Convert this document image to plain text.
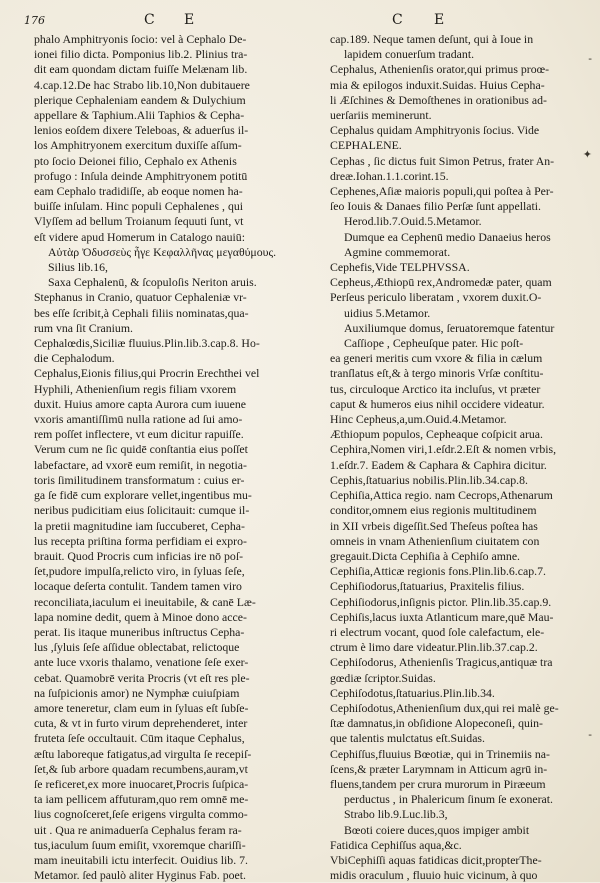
176	C E	C E
phalo Amphitryonis ſocio: vel à Cephalo De-
ionei filio dicta. Pomponius lib.2. Plinius tra-
dit eam quondam dictam fuiſſe Melænam lib.
4.cap.12.De hac Strabo lib.10,Non dubitauere
plerique Cephaleniam eandem & Dulychium
appellare & Taphium.Alii Taphios & Cepha-
lenios eoſdem dixere Teleboas, & aduerſus il-
los Amphitryonem exercitum duxiſſe aſſum-
pto ſocio Deionei filio, Cephalo ex Athenis
profugo : Inſula deinde Amphitryonem potitū
eam Cephalo tradidiſſe, ab eoque nomen ha-
buiſſe inſulam. Hinc populi Cephalenes , qui
Vlyſſem ad bellum Troianum ſequuti ſunt, vt
eſt videre apud Homerum in Catalogo nauiū:
Αὐτὰρ Ὀδυσσεὺς ἦγε Κεφαλλῆνας μεγαθύμους.
Silius lib.16,
Saxa Cephalenū, & ſcopuloſis Neriton aruis.
Stephanus in Cranio, quatuor Cephaleniæ vr-
bes eſſe ſcribit,à Cephali filiis nominatas,qua-
rum vna ſit Cranium.
Cephalœdis,Siciliæ fluuius.Plin.lib.3.cap.8. Ho-
die Cephalodum.
Cephalus,Eionis filius,qui Procrin Erechthei vel
Hyphili, Athenienſium regis filiam vxorem
duxit. Huius amore capta Aurora cum iuuene
vxoris amantiſſimū nulla ratione ad ſui amo-
rem poſſet inflectere, vt eum dicitur rapuiſſe.
Verum cum ne ſic quidē conſtantia eius poſſet
labefactare, ad vxorē eum remiſit, in negotia-
toris ſimilitudinem transformatum : cuius er-
ga ſe fidē cum explorare vellet,ingentibus mu-
neribus pudicitiam eius ſolicitauit: cumque il-
la pretii magnitudine iam ſuccuberet, Cepha-
lus recepta priſtina forma perfidiam ei expro-
brauit. Quod Procris cum inficias ire nō poſ-
ſet,pudore impulſa,relicto viro, in ſyluas ſeſe,
locaque deſerta contulit. Tandem tamen viro
reconciliata,iaculum ei ineuitabile, & canē Læ-
lapa nomine dedit, quem à Minoe dono acce-
perat. Iis itaque muneribus inſtructus Cepha-
lus ,ſyluis ſeſe aſſidue oblectabat, relictoque
ante luce vxoris thalamo, venatione ſeſe exer-
cebat. Quamobrē verita Procris (vt eſt res ple-
na ſuſpicionis amor) ne Nymphæ cuiuſpiam
amore teneretur, clam eum in ſyluas eſt ſubſe-
cuta, & vt in furto virum deprehenderet, inter
fruteta ſeſe occultauit. Cūm itaque Cephalus,
æſtu laboreque fatigatus,ad virgulta ſe recepiſ-
ſet,& ſub arbore quadam recumbens,auram,vt
ſe reficeret,ex more inuocaret,Procris ſuſpica-
ta iam pellicem affuturam,quo rem omnē me-
lius cognoſceret,ſeſe erigens virgulta commo-
uit . Qua re animaduerſa Cephalus feram ra-
tus,iaculum ſuum emiſit, vxoremque chariſſi-
mam ineuitabili ictu interfecit. Ouidius lib. 7.
Metamor. ſed paulò aliter Hyginus Fab. poet.
cap.189. Neque tamen deſunt, qui à Ioue in
lapidem conuerſum tradant.
Cephalus, Athenienſis orator,qui primus proœ-
mia & epilogos induxit.Suidas. Huius Cepha-
li Æſchines & Demoſthenes in orationibus ad-
uerſariis meminerunt.
Cephalus quidam Amphitryonis ſocius. Vide
CEPHALENE.
Cephas , ſic dictus fuit Simon Petrus, frater An-
dreæ.Iohan.1.1.corint.15.
Cephenes,Aſiæ maioris populi,qui poſtea à Per-
ſeo Iouis & Danaes filio Perſæ ſunt appellati.
Herod.lib.7.Ouid.5.Metamor.
Dumque ea Cephenū medio Danaeius heros
Agmine commemorat.
Cephefis,Vide TELPHVSSA.
Cepheus,Æthiopū rex,Andromedæ pater, quam
Perſeus periculo liberatam , vxorem duxit.O-
uidius 5.Metamor.
Auxiliumque domus, ſeruatoremque fatentur
Caſſiope , Cepheuſque pater. Hic poſt-
ea generi meritis cum vxore & filia in cælum
tranſlatus eſt,& à tergo minoris Vrſæ conſtitu-
tus, circuloque Arctico ita incluſus, vt præter
caput & humeros eius nihil occidere videatur.
Hinc Cepheus,a,um.Ouid.4.Metamor.
Æthiopum populos, Cepheaque coſpicit arua.
Cephira,Nomen viri,1.eſdr.2.Eſt & nomen vrbis,
1.eſdr.7. Eadem & Caphara & Caphira dicitur.
Cephis,ſtatuarius nobilis.Plin.lib.34.cap.8.
Cephiſia,Attica regio. nam Cecrops,Athenarum
conditor,omnem eius regionis multitudinem
in XII vrbeis digeſſit.Sed Theſeus poſtea has
omneis in vnam Athenienſium ciuitatem con
gregauit.Dicta Cephiſia à Cephiſo amne.
Cephiſia,Atticæ regionis fons.Plin.lib.6.cap.7.
Cephiſiodorus,ſtatuarius, Praxitelis filius.
Cephiſiodorus,inſignis pictor. Plin.lib.35.cap.9.
Cephiſis,lacus iuxta Atlanticum mare,quē Mau-
ri electrum vocant, quod ſole calefactum, ele-
ctrum è limo dare videatur.Plin.lib.37.cap.2.
Cephiſodorus, Athenienſis Tragicus,antiquæ tra
gœdiæ ſcriptor.Suidas.
Cephiſodotus,ſtatuarius.Plin.lib.34.
Cephiſodotus,Athenienſium dux,qui rei malè ge-
ſtæ damnatus,in obſidione Alopeconeſi, quin-
que talentis mulctatus eſt.Suidas.
Cephiſſus,fluuius Bœotiæ, qui in Trinemiis na-
ſcens,& præter Larymnam in Atticum agrū in-
fluens,tandem per crura murorum in Piræeum
perductus , in Phalericum ſinum ſe exonerat.
Strabo lib.9.Luc.lib.3,
Bœoti coiere duces,quos impiger ambit
Fatidica Cephiſſus aqua,&c.
VbiCephiſſi aquas fatidicas dicit,propterThe-
midis oraculum , fluuio huic vicinum, à quo
-
✦
-
